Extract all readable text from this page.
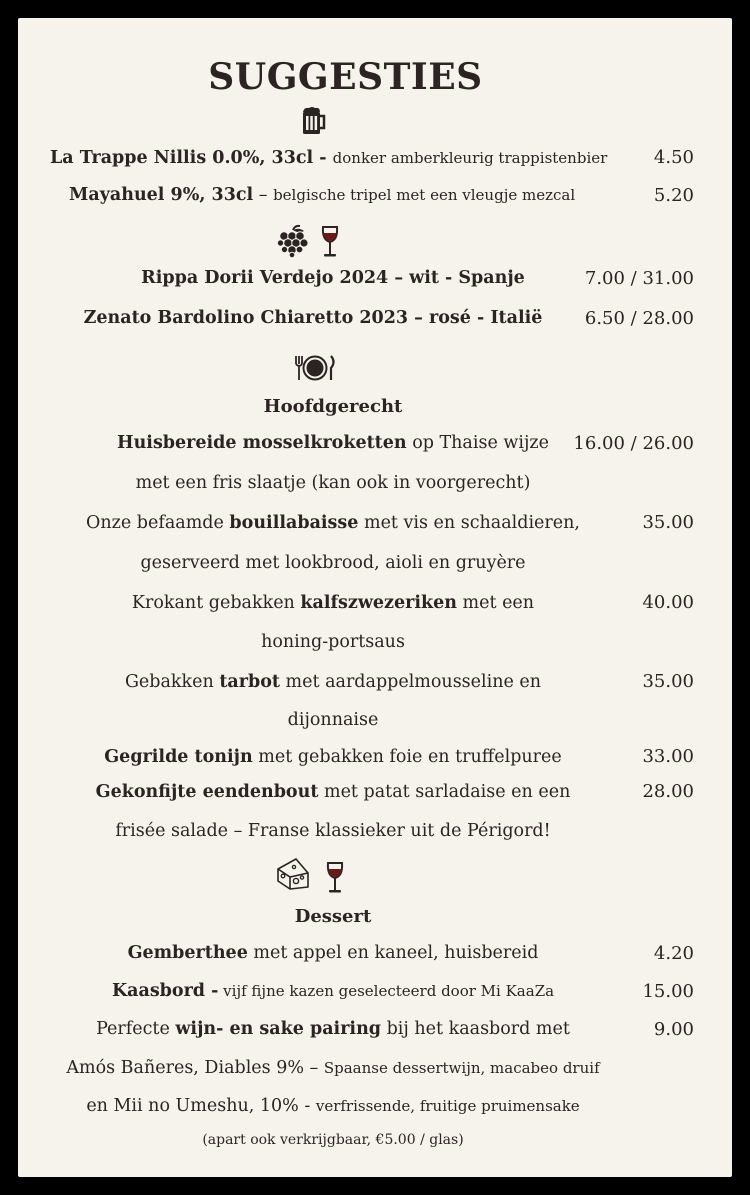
SUGGESTIES
La Trappe Nillis 0.0%, 33cl - donker amberkleurig trappistenbier	4.50
Mayahuel 9%, 33cl – belgische tripel met een vleugje mezcal	5.20
Rippa Dorii Verdejo 2024 – wit - Spanje	7.00 / 31.00
Zenato Bardolino Chiaretto 2023 – rosé - Italië	6.50 / 28.00
Hoofdgerecht
Huisbereide mosselkroketten op Thaise wijze	16.00 / 26.00
met een fris slaatje (kan ook in voorgerecht)
Onze befaamde bouillabaisse met vis en schaaldieren,	35.00
geserveerd met lookbrood, aioli en gruyère
Krokant gebakken kalfszwezeriken met een	40.00
honing-portsaus
Gebakken tarbot met aardappelmousseline en	35.00
dijonnaise
Gegrilde tonijn met gebakken foie en truffelpuree	33.00
Gekonfijte eendenbout met patat sarladaise en een	28.00
frisée salade – Franse klassieker uit de Périgord!
Dessert
Gemberthee met appel en kaneel, huisbereid	4.20
Kaasbord - vijf fijne kazen geselecteerd door Mi KaaZa	15.00
Perfecte wijn- en sake pairing bij het kaasbord met	9.00
Amós Bañeres, Diables 9% – Spaanse dessertwijn, macabeo druif
en Mii no Umeshu, 10% - verfrissende, fruitige pruimensake
(apart ook verkrijgbaar, €5.00 / glas)
